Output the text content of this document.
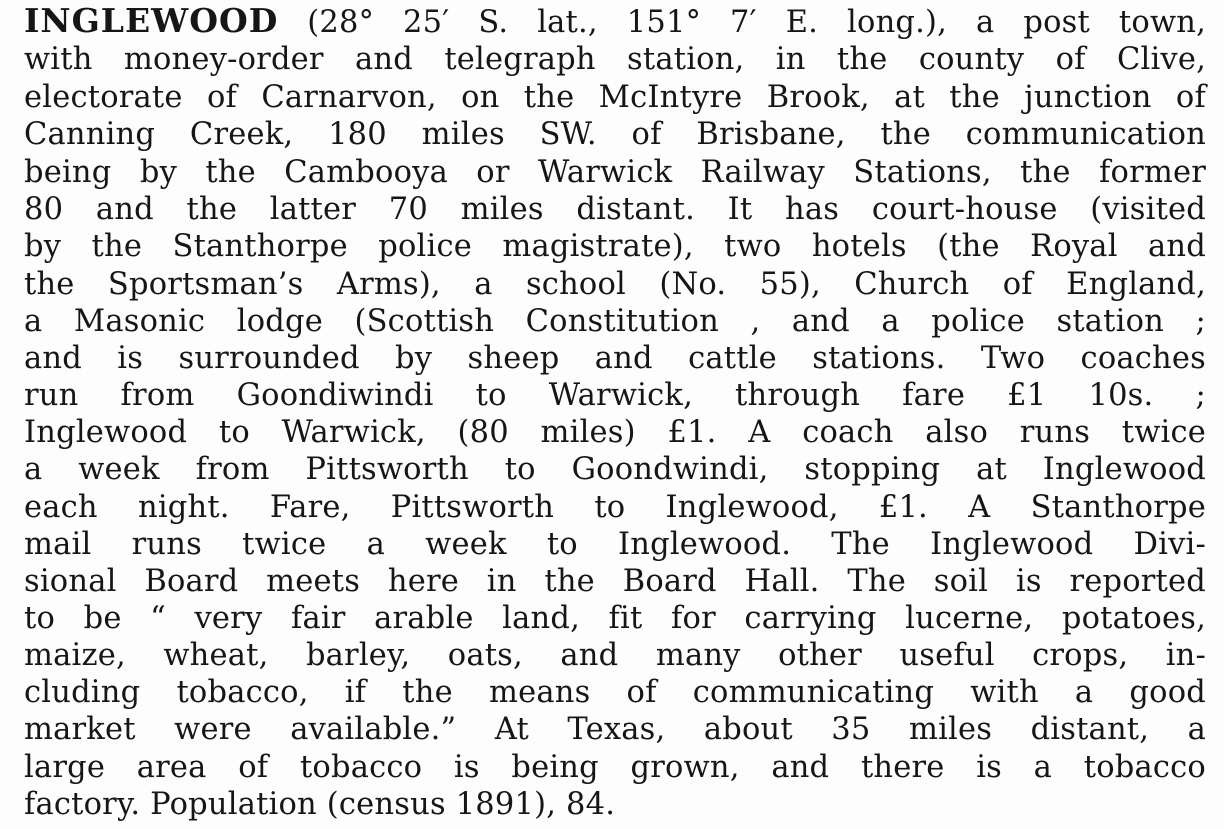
INGLEWOOD (28° 25′ S. lat., 151° 7′ E. long.), a post town,
with money-order and telegraph station, in the county of Clive,
electorate of Carnarvon, on the McIntyre Brook, at the junction of
Canning Creek, 180 miles SW. of Brisbane, the communication
being by the Cambooya or Warwick Railway Stations, the former
80 and the latter 70 miles distant. It has court-house (visited
by the Stanthorpe police magistrate), two hotels (the Royal and
the Sportsman’s Arms), a school (No. 55), Church of England,
a Masonic lodge (Scottish Constitution , and a police station ;
and is surrounded by sheep and cattle stations. Two coaches
run from Goondiwindi to Warwick, through fare £1 10s. ;
Inglewood to Warwick, (80 miles) £1. A coach also runs twice
a week from Pittsworth to Goondwindi, stopping at Inglewood
each night. Fare, Pittsworth to Inglewood, £1. A Stanthorpe
mail runs twice a week to Inglewood. The Inglewood Divi-
sional Board meets here in the Board Hall. The soil is reported
to be “ very fair arable land, fit for carrying lucerne, potatoes,
maize, wheat, barley, oats, and many other useful crops, in-
cluding tobacco, if the means of communicating with a good
market were available.” At Texas, about 35 miles distant, a
large area of tobacco is being grown, and there is a tobacco
factory. Population (census 1891), 84.
